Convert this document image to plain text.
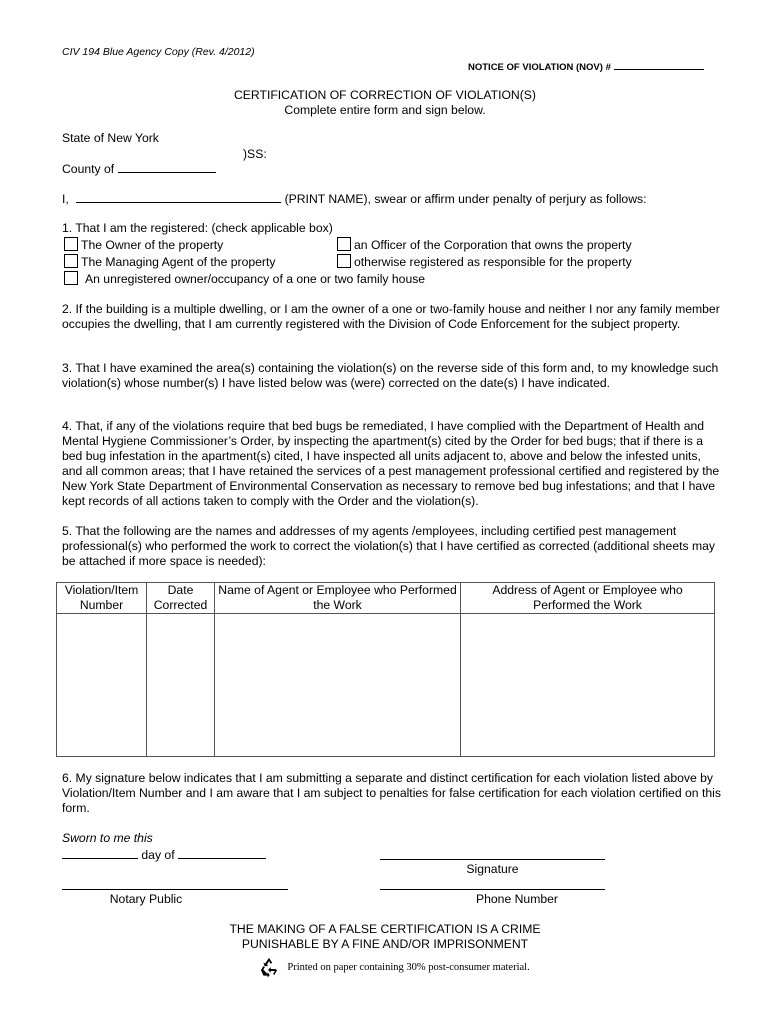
CIV 194 Blue Agency Copy (Rev. 4/2012)
NOTICE OF VIOLATION (NOV) #
CERTIFICATION OF CORRECTION OF VIOLATION(S)
Complete entire form and sign below.
State of New York
)SS:
County of
I,	(PRINT NAME), swear or affirm under penalty of perjury as follows:
1. That I am the registered: (check applicable box)
The Owner of the property	an Officer of the Corporation that owns the property
The Managing Agent of the property	otherwise registered as responsible for the property
An unregistered owner/occupancy of a one or two family house
2. If the building is a multiple dwelling, or I am the owner of a one or two-family house and neither I nor any family member occupies the dwelling, that I am currently registered with the Division of Code Enforcement for the subject property.
3. That I have examined the area(s) containing the violation(s) on the reverse side of this form and, to my knowledge such violation(s) whose number(s) I have listed below was (were) corrected on the date(s) I have indicated.
4. That, if any of the violations require that bed bugs be remediated, I have complied with the Department of Health and Mental Hygiene Commissioner’s Order, by inspecting the apartment(s) cited by the Order for bed bugs; that if there is a bed bug infestation in the apartment(s) cited, I have inspected all units adjacent to, above and below the infested units, and all common areas; that I have retained the services of a pest management professional certified and registered by the New York State Department of Environmental Conservation as necessary to remove bed bug infestations; and that I have kept records of all actions taken to comply with the Order and the violation(s).
5. That the following are the names and addresses of my agents /employees, including certified pest management professional(s) who performed the work to correct the violation(s) that I have certified as corrected (additional sheets may be attached if more space is needed):
Violation/Item Number	Date Corrected	Name of Agent or Employee who Performed the Work	Address of Agent or Employee who Performed the Work

6. My signature below indicates that I am submitting a separate and distinct certification for each violation listed above by Violation/Item Number and I am aware that I am subject to penalties for false certification for each violation certified on this form.
Sworn to me this
day of
Signature
Notary Public	Phone Number
THE MAKING OF A FALSE CERTIFICATION IS A CRIME
PUNISHABLE BY A FINE AND/OR IMPRISONMENT
Printed on paper containing 30% post-consumer material.
